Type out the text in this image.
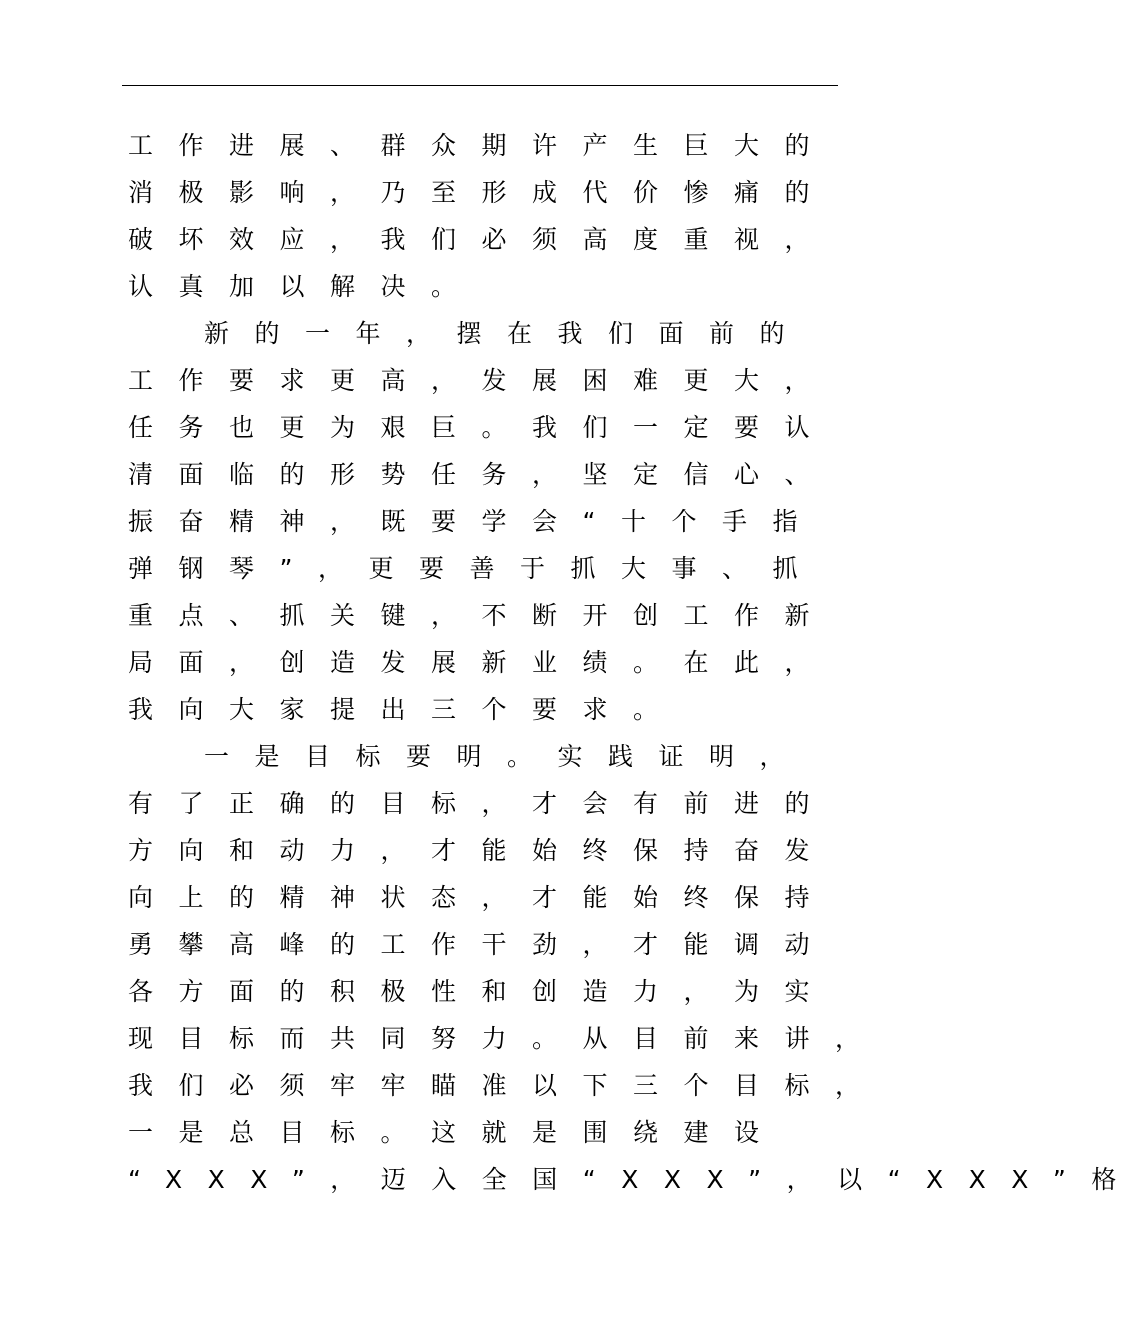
工作进展、群众期许产生巨大的
消极影响，乃至形成代价惨痛的
破坏效应，我们必须高度重视，
认真加以解决。
新的一年，摆在我们面前的
工作要求更高，发展困难更大，
任务也更为艰巨。我们一定要认
清面临的形势任务，坚定信心、
振奋精神，既要学会“十个手指
弹钢琴”，更要善于抓大事、抓
重点、抓关键，不断开创工作新
局面，创造发展新业绩。在此，
我向大家提出三个要求。
一是目标要明。实践证明，
有了正确的目标，才会有前进的
方向和动力，才能始终保持奋发
向上的精神状态，才能始终保持
勇攀高峰的工作干劲，才能调动
各方面的积极性和创造力，为实
现目标而共同努力。从目前来讲，
我们必须牢牢瞄准以下三个目标，
一是总目标。这就是围绕建设
“XXX”，迈入全国“XXX”，以“XXX”格
